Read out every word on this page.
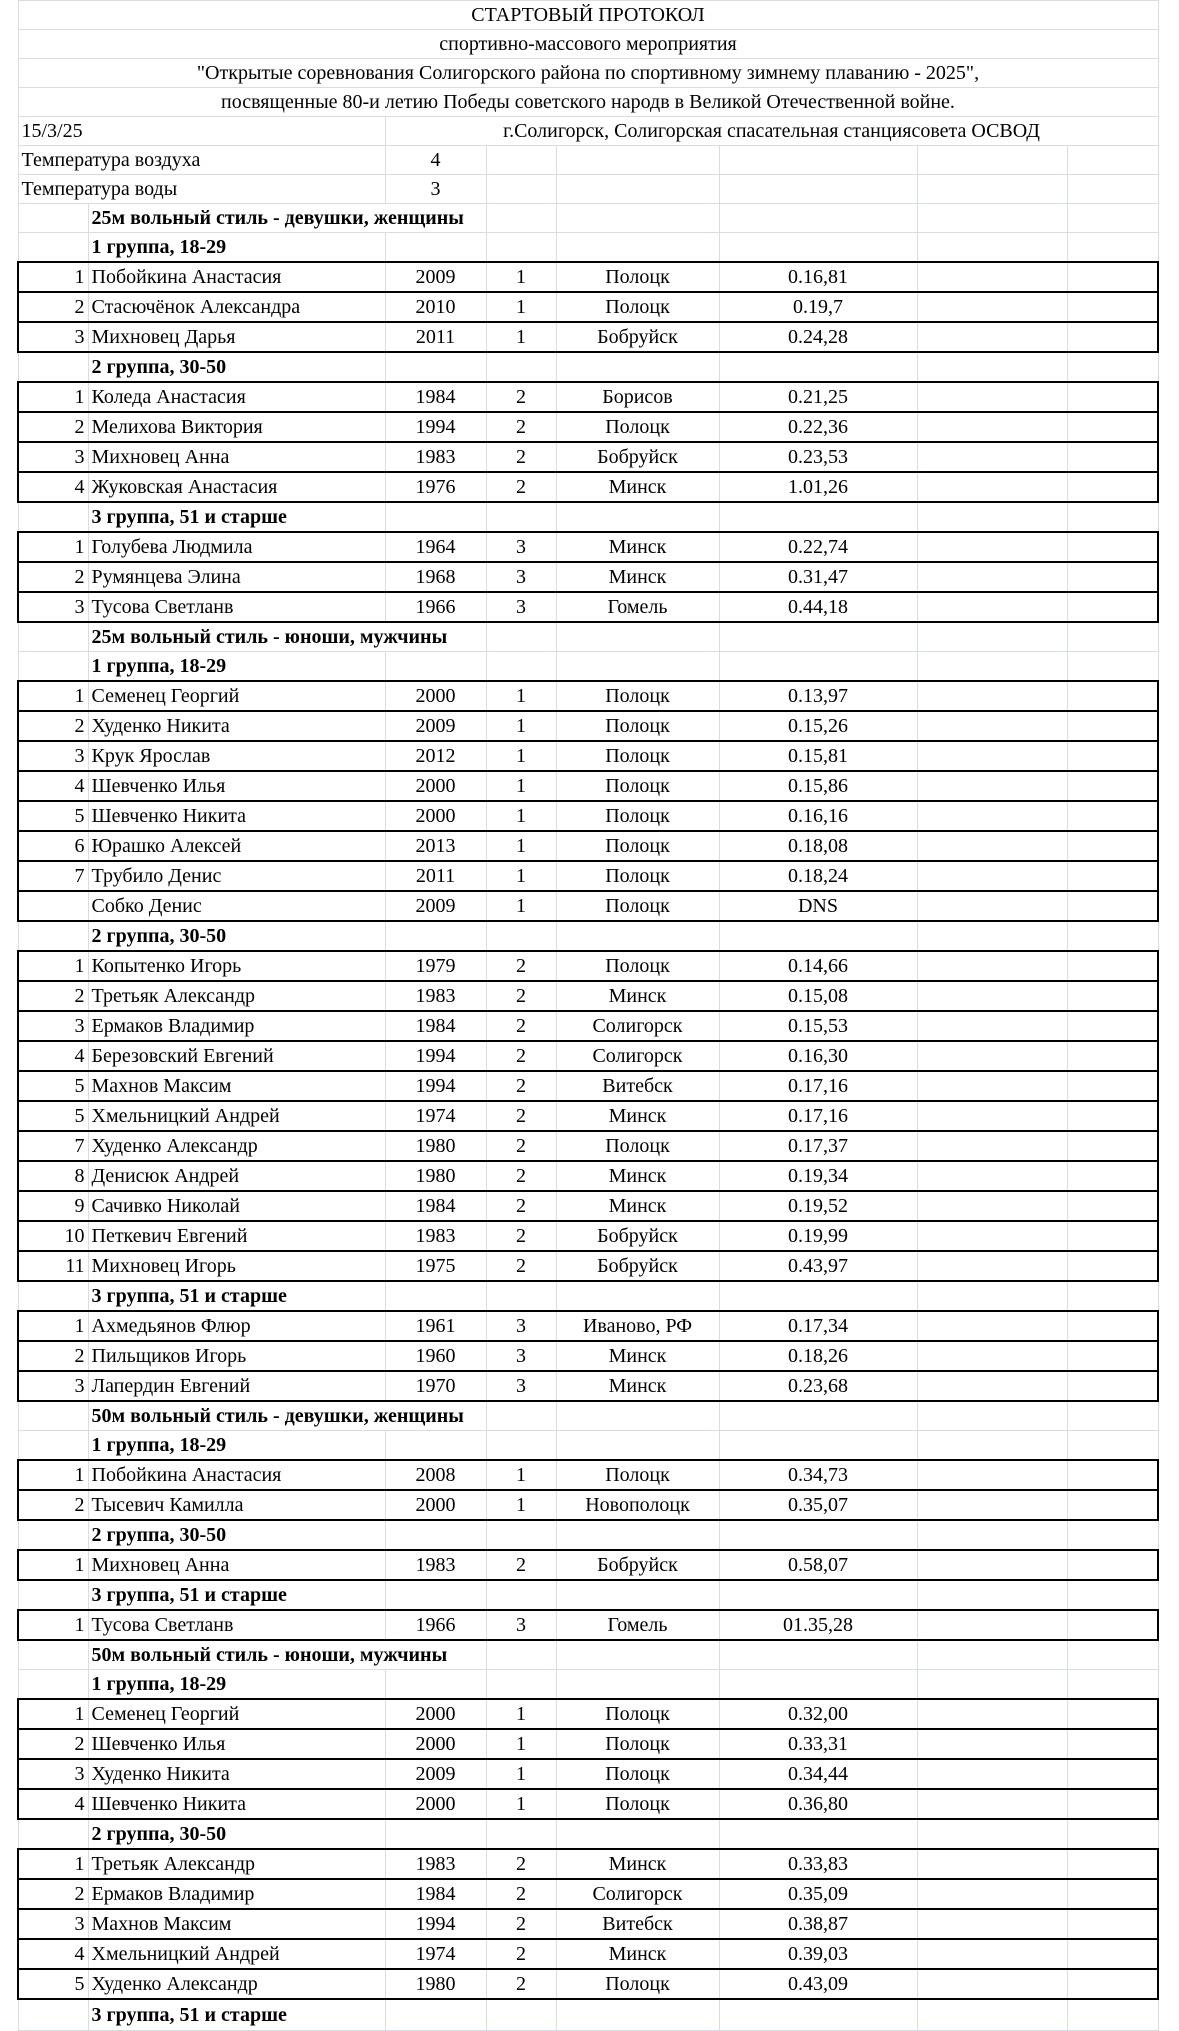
СТАРТОВЫЙ ПРОТОКОЛ							
спортивно-массового мероприятия							
"Открытые соревнования Солигорского района по спортивному зимнему плаванию - 2025",							
посвященные 80-и летию Победы советского народв в Великой Отечественной войне.							
15/3/25		г.Солигорск, Солигорская спасательная станциясовета ОСВОД					
Температура воздуха		4					
Температура воды		3					
	25м вольный стиль - девушки, женщины						
	1 группа, 18-29						
1	Побойкина Анастасия	2009	1	Полоцк	0.16,81		
2	Стасючёнок Александра	2010	1	Полоцк	0.19,7		
3	Михновец Дарья	2011	1	Бобруйск	0.24,28		
	2 группа, 30-50						
1	Коледа Анастасия	1984	2	Борисов	0.21,25		
2	Мелихова Виктория	1994	2	Полоцк	0.22,36		
3	Михновец Анна	1983	2	Бобруйск	0.23,53		
4	Жуковская Анастасия	1976	2	Минск	1.01,26		
	3 группа, 51 и старше						
1	Голубева Людмила	1964	3	Минск	0.22,74		
2	Румянцева Элина	1968	3	Минск	0.31,47		
3	Тусова Светланв	1966	3	Гомель	0.44,18		
	25м вольный стиль - юноши, мужчины						
	1 группа, 18-29						
1	Семенец Георгий	2000	1	Полоцк	0.13,97		
2	Худенко Никита	2009	1	Полоцк	0.15,26		
3	Крук Ярослав	2012	1	Полоцк	0.15,81		
4	Шевченко Илья	2000	1	Полоцк	0.15,86		
5	Шевченко Никита	2000	1	Полоцк	0.16,16		
6	Юрашко Алексей	2013	1	Полоцк	0.18,08		
7	Трубило Денис	2011	1	Полоцк	0.18,24		
	Собко Денис	2009	1	Полоцк	DNS		
	2 группа, 30-50						
1	Копытенко Игорь	1979	2	Полоцк	0.14,66		
2	Третьяк Александр	1983	2	Минск	0.15,08		
3	Ермаков Владимир	1984	2	Солигорск	0.15,53		
4	Березовский Евгений	1994	2	Солигорск	0.16,30		
5	Махнов Максим	1994	2	Витебск	0.17,16		
5	Хмельницкий Андрей	1974	2	Минск	0.17,16		
7	Худенко Александр	1980	2	Полоцк	0.17,37		
8	Денисюк Андрей	1980	2	Минск	0.19,34		
9	Сачивко Николай	1984	2	Минск	0.19,52		
10	Петкевич Евгений	1983	2	Бобруйск	0.19,99		
11	Михновец Игорь	1975	2	Бобруйск	0.43,97		
	3 группа, 51 и старше						
1	Ахмедьянов Флюр	1961	3	Иваново, РФ	0.17,34		
2	Пильщиков Игорь	1960	3	Минск	0.18,26		
3	Лапердин Евгений	1970	3	Минск	0.23,68		
	50м вольный стиль - девушки, женщины						
	1 группа, 18-29						
1	Побойкина Анастасия	2008	1	Полоцк	0.34,73		
2	Тысевич Камилла	2000	1	Новополоцк	0.35,07		
	2 группа, 30-50						
1	Михновец Анна	1983	2	Бобруйск	0.58,07		
	3 группа, 51 и старше						
1	Тусова Светланв	1966	3	Гомель	01.35,28		
	50м вольный стиль - юноши, мужчины						
	1 группа, 18-29						
1	Семенец Георгий	2000	1	Полоцк	0.32,00		
2	Шевченко Илья	2000	1	Полоцк	0.33,31		
3	Худенко Никита	2009	1	Полоцк	0.34,44		
4	Шевченко Никита	2000	1	Полоцк	0.36,80		
	2 группа, 30-50						
1	Третьяк Александр	1983	2	Минск	0.33,83		
2	Ермаков Владимир	1984	2	Солигорск	0.35,09		
3	Махнов Максим	1994	2	Витебск	0.38,87		
4	Хмельницкий Андрей	1974	2	Минск	0.39,03		
5	Худенко Александр	1980	2	Полоцк	0.43,09		
	3 группа, 51 и старше						
